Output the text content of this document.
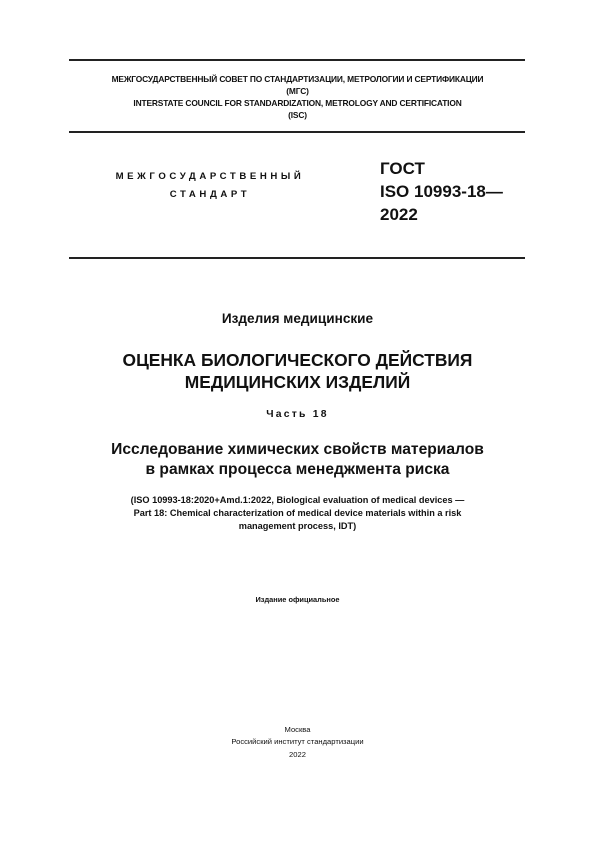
МЕЖГОСУДАРСТВЕННЫЙ СОВЕТ ПО СТАНДАРТИЗАЦИИ, МЕТРОЛОГИИ И СЕРТИФИКАЦИИ
(МГС)
INTERSTATE COUNCIL FOR STANDARDIZATION, METROLOGY AND CERTIFICATION
(ISC)
МЕЖГОСУДАРСТВЕННЫЙ
СТАНДАРТ
ГОСТ
ISO 10993-18—
2022
Изделия медицинские
ОЦЕНКА БИОЛОГИЧЕСКОГО ДЕЙСТВИЯ
МЕДИЦИНСКИХ ИЗДЕЛИЙ
Часть 18
Исследование химических свойств материалов
в рамках процесса менеджмента риска
(ISO 10993-18:2020+Amd.1:2022, Biological evaluation of medical devices —
Part 18: Chemical characterization of medical device materials within a risk
management process, IDT)
Издание официальное
Москва
Российский институт стандартизации
2022
